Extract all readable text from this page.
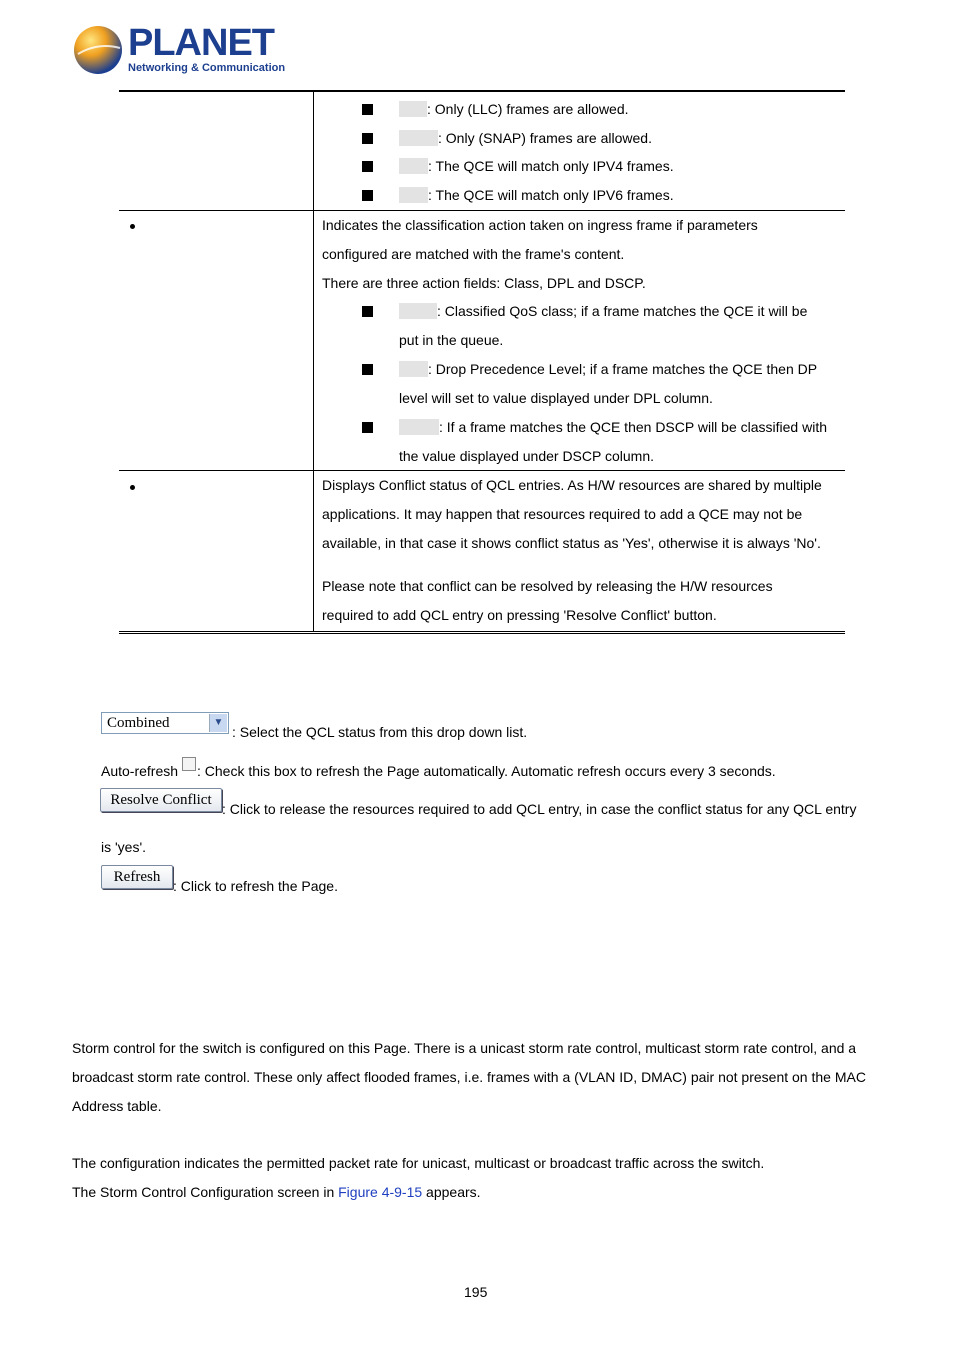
PLANET
Networking & Communication
: Only (LLC) frames are allowed.
: Only (SNAP) frames are allowed.
: The QCE will match only IPV4 frames.
: The QCE will match only IPV6 frames.
Indicates the classification action taken on ingress frame if parameters
configured are matched with the frame's content.
There are three action fields: Class, DPL and DSCP.
: Classified QoS class; if a frame matches the QCE it will be
put in the queue.
: Drop Precedence Level; if a frame matches the QCE then DP
level will set to value displayed under DPL column.
: If a frame matches the QCE then DSCP will be classified with
the value displayed under DSCP column.
Displays Conflict status of QCL entries. As H/W resources are shared by multiple
applications. It may happen that resources required to add a QCE may not be
available, in that case it shows conflict status as 'Yes', otherwise it is always 'No'.
Please note that conflict can be resolved by releasing the H/W resources
required to add QCL entry on pressing 'Resolve Conflict' button.
Combined	▼
: Select the QCL status from this drop down list.
Auto-refresh : Check this box to refresh the Page automatically. Automatic refresh occurs every 3 seconds.
Resolve Conflict
: Click to release the resources required to add QCL entry, in case the conflict status for any QCL entry
is 'yes'.
Refresh
: Click to refresh the Page.
Storm control for the switch is configured on this Page. There is a unicast storm rate control, multicast storm rate control, and a
broadcast storm rate control. These only affect flooded frames, i.e. frames with a (VLAN ID, DMAC) pair not present on the MAC
Address table.
The configuration indicates the permitted packet rate for unicast, multicast or broadcast traffic across the switch.
The Storm Control Configuration screen in Figure 4-9-15 appears.
195
